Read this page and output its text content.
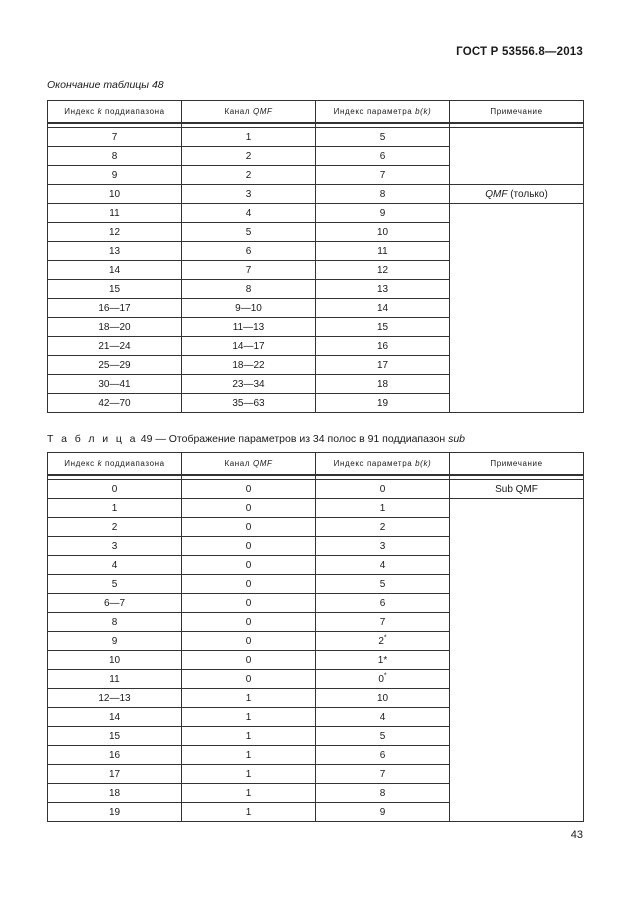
ГОСТ Р 53556.8—2013
Окончание таблицы 48
Индекс k поддиапазона	Канал QMF	Индекс параметра b(k)	Примечание

7	1	5	
8	2	6	
9	2	7	
10	3	8	QMF (только)
11	4	9	
12	5	10	
13	6	11	
14	7	12	
15	8	13	
16—17	9—10	14	
18—20	11—13	15	
21—24	14—17	16	
25—29	18—22	17	
30—41	23—34	18	
42—70	35—63	19	
Т а б л и ц а 49 — Отображение параметров из 34 полос в 91 поддиапазон sub
Индекс k поддиапазона	Канал QMF	Индекс параметра b(k)	Примечание

0	0	0	Sub QMF
1	0	1	
2	0	2	
3	0	3	
4	0	4	
5	0	5	
6—7	0	6	
8	0	7	
9	0	2*
10	0	1*	
11	0	0*
12—13	1	10	
14	1	4	
15	1	5	
16	1	6	
17	1	7	
18	1	8	
19	1	9	
43
